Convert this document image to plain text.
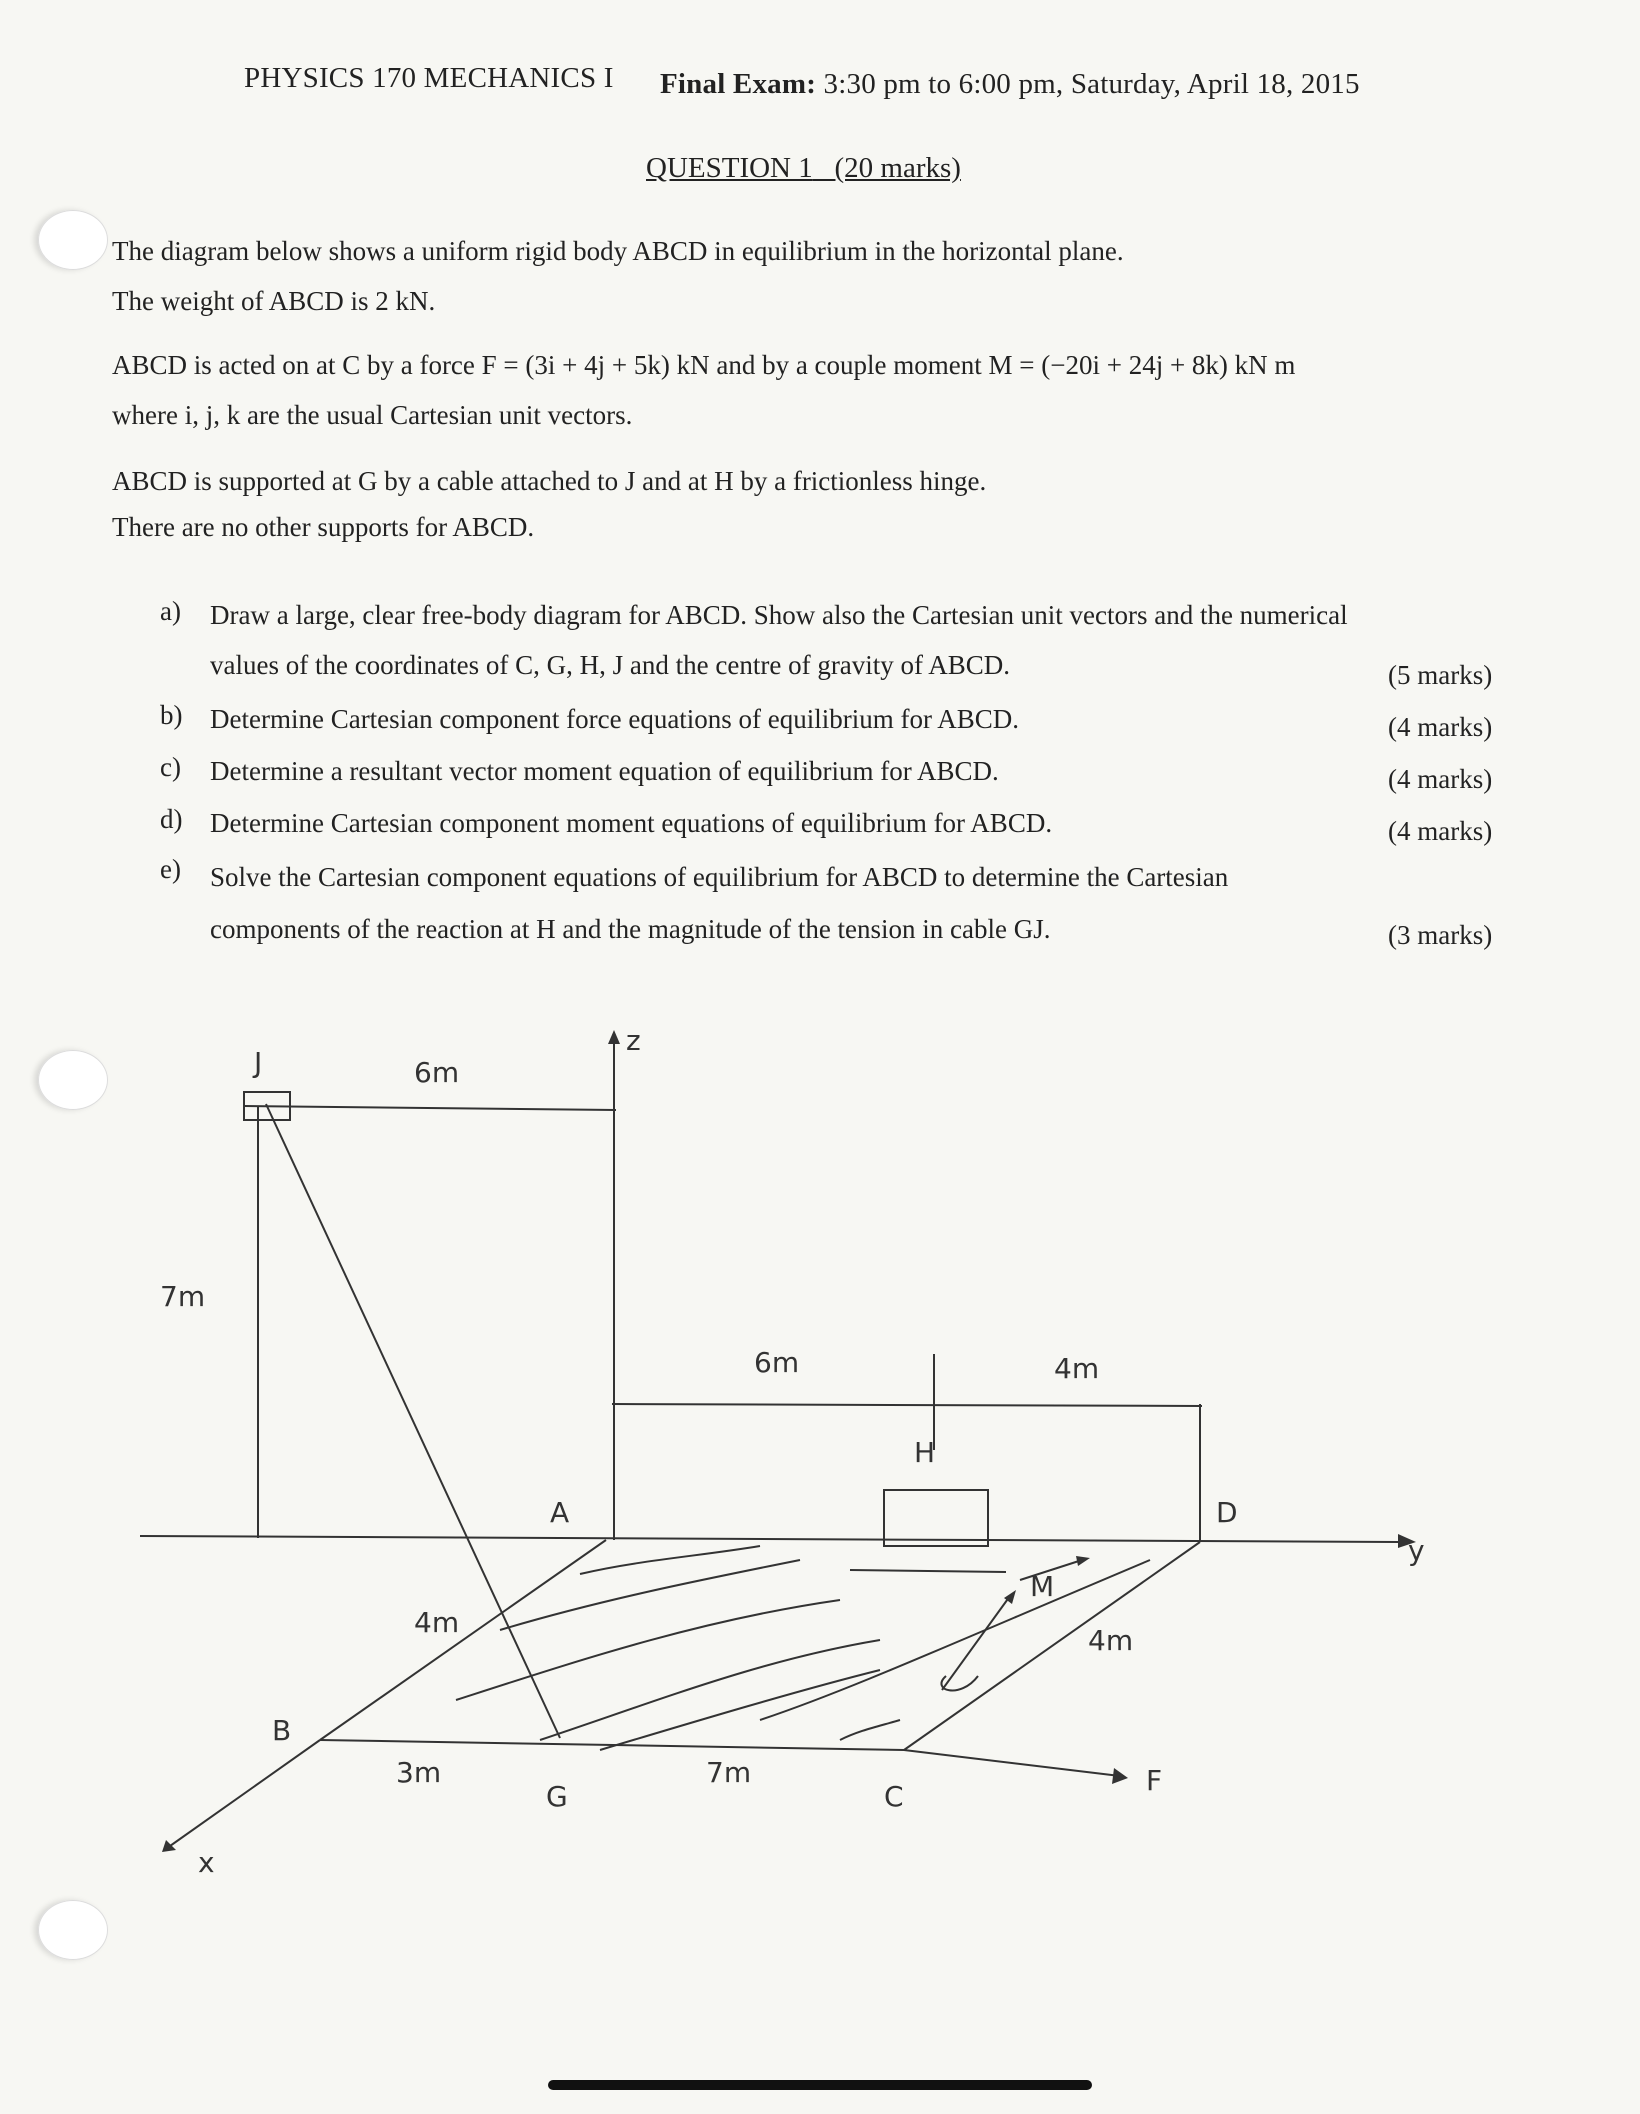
PHYSICS 170 MECHANICS I Final Exam: 3:30 pm to 6:00 pm, Saturday, April 18, 2015
QUESTION 1 (20 marks)
The diagram below shows a uniform rigid body ABCD in equilibrium in the horizontal plane.
The weight of ABCD is 2 kN.
ABCD is acted on at C by a force F = (3i + 4j + 5k) kN and by a couple moment M = (−20i + 24j + 8k) kN m
where i, j, k are the usual Cartesian unit vectors.
ABCD is supported at G by a cable attached to J and at H by a frictionless hinge.
There are no other supports for ABCD.
a) Draw a large, clear free-body diagram for ABCD. Show also the Cartesian unit vectors and the numerical
values of the coordinates of C, G, H, J and the centre of gravity of ABCD.	(5 marks)
b) Determine Cartesian component force equations of equilibrium for ABCD.	(4 marks)
c) Determine a resultant vector moment equation of equilibrium for ABCD.	(4 marks)
d) Determine Cartesian component moment equations of equilibrium for ABCD.	(4 marks)
e) Solve the Cartesian component equations of equilibrium for ABCD to determine the Cartesian
components of the reaction at H and the magnitude of the tension in cable GJ.	(3 marks)
J
z
6m
7m
6m	4m
H
A	D
y
M
4m
4m
B
3m	7m	F
G	C
x
